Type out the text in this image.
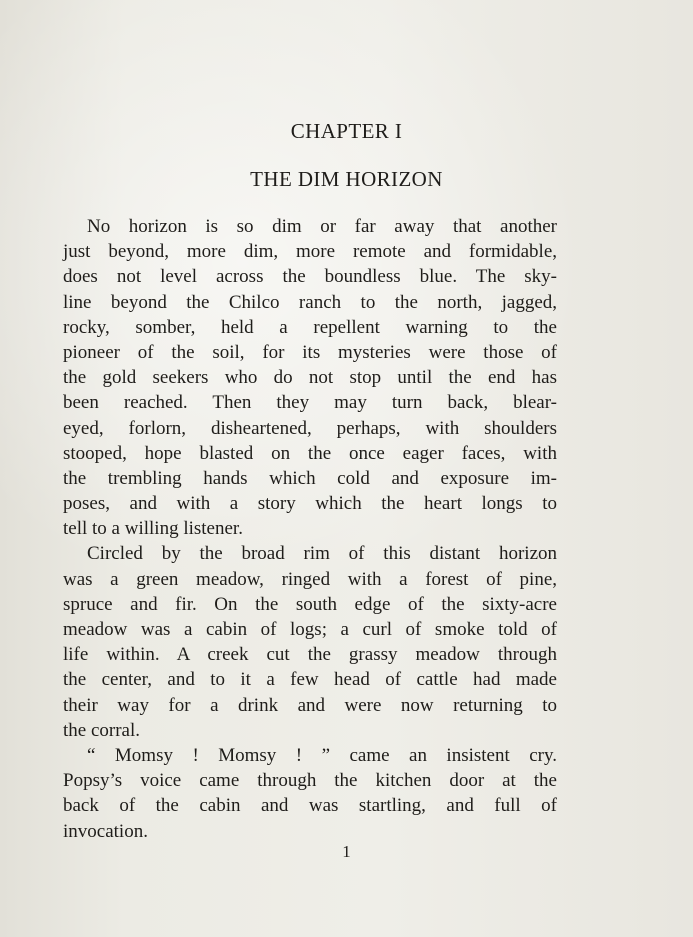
CHAPTER I
THE DIM HORIZON
No horizon is so dim or far away that another
just beyond, more dim, more remote and formidable,
does not level across the boundless blue. The sky-
line beyond the Chilco ranch to the north, jagged,
rocky, somber, held a repellent warning to the
pioneer of the soil, for its mysteries were those of
the gold seekers who do not stop until the end has
been reached. Then they may turn back, blear-
eyed, forlorn, disheartened, perhaps, with shoulders
stooped, hope blasted on the once eager faces, with
the trembling hands which cold and exposure im-
poses, and with a story which the heart longs to
tell to a willing listener.
Circled by the broad rim of this distant horizon
was a green meadow, ringed with a forest of pine,
spruce and fir. On the south edge of the sixty-acre
meadow was a cabin of logs; a curl of smoke told of
life within. A creek cut the grassy meadow through
the center, and to it a few head of cattle had made
their way for a drink and were now returning to
the corral.
“ Momsy ! Momsy ! ” came an insistent cry.
Popsy’s voice came through the kitchen door at the
back of the cabin and was startling, and full of
invocation.
1
